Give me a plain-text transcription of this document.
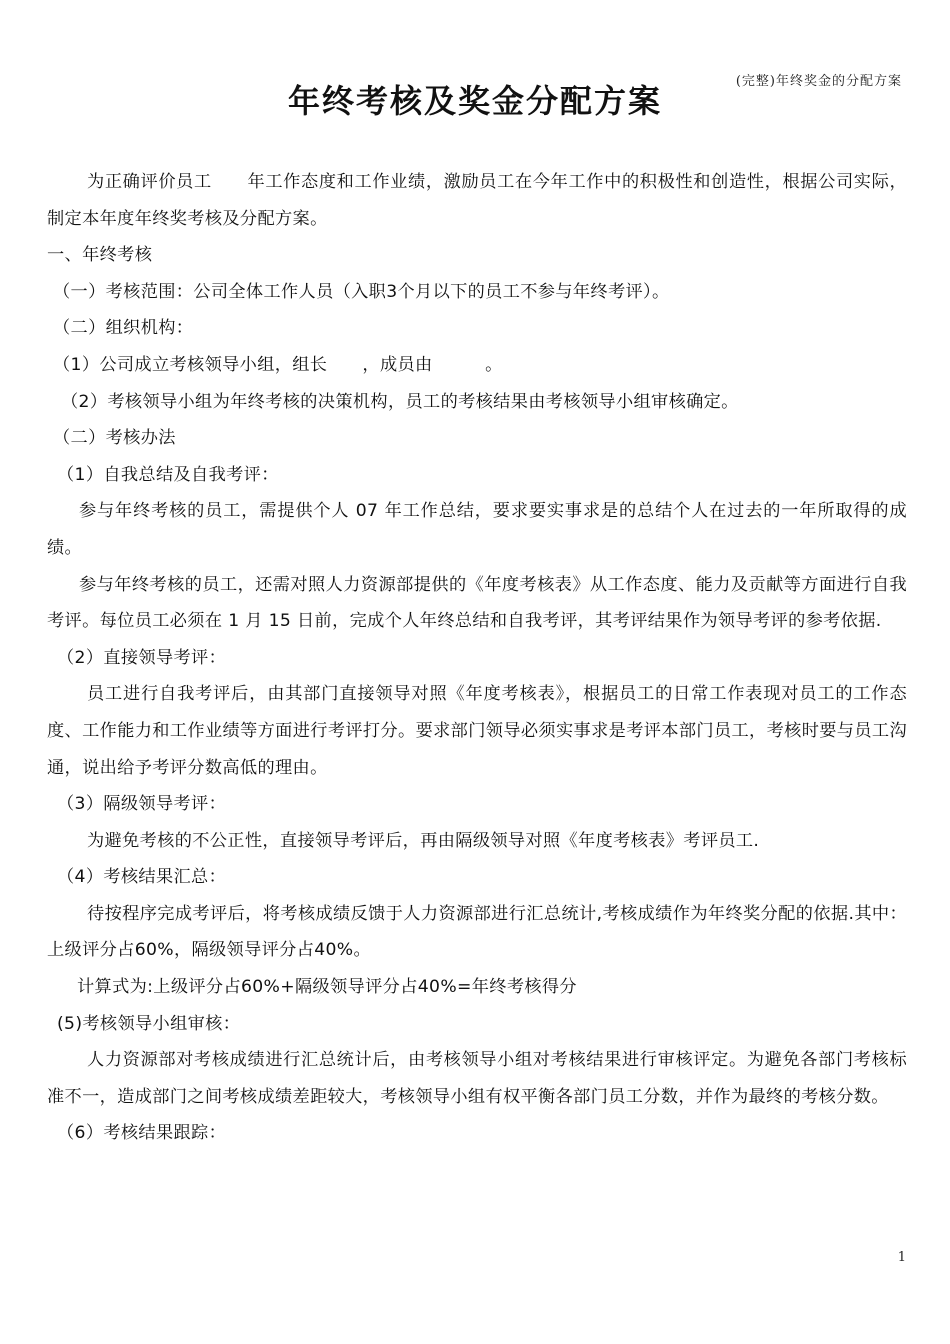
(完整)年终奖金的分配方案
年终考核及奖金分配方案

为正确评价员工　　年工作态度和工作业绩，激励员工在今年工作中的积极性和创造性，根据公司实际，制定本年度年终奖考核及分配方案。

一、年终考核

（一）考核范围：公司全体工作人员（入职3个月以下的员工不参与年终考评）。

（二）组织机构：

（1）公司成立考核领导小组，组长　　，成员由　　　。

（2）考核领导小组为年终考核的决策机构，员工的考核结果由考核领导小组审核确定。

（二）考核办法

（1）自我总结及自我考评：

参与年终考核的员工，需提供个人 07 年工作总结，要求要实事求是的总结个人在过去的一年所取得的成绩。

参与年终考核的员工，还需对照人力资源部提供的《年度考核表》从工作态度、能力及贡献等方面进行自我考评。每位员工必须在 1 月 15 日前，完成个人年终总结和自我考评，其考评结果作为领导考评的参考依据.

（2）直接领导考评：

员工进行自我考评后，由其部门直接领导对照《年度考核表》，根据员工的日常工作表现对员工的工作态度、工作能力和工作业绩等方面进行考评打分。要求部门领导必须实事求是考评本部门员工，考核时要与员工沟通，说出给予考评分数高低的理由。

（3）隔级领导考评：

为避免考核的不公正性，直接领导考评后，再由隔级领导对照《年度考核表》考评员工.

（4）考核结果汇总：

待按程序完成考评后，将考核成绩反馈于人力资源部进行汇总统计,考核成绩作为年终奖分配的依据.其中：上级评分占60%，隔级领导评分占40%。

计算式为:上级评分占60%+隔级领导评分占40%=年终考核得分

(5)考核领导小组审核：

人力资源部对考核成绩进行汇总统计后，由考核领导小组对考核结果进行审核评定。为避免各部门考核标准不一，造成部门之间考核成绩差距较大，考核领导小组有权平衡各部门员工分数，并作为最终的考核分数。

（6）考核结果跟踪：

1
